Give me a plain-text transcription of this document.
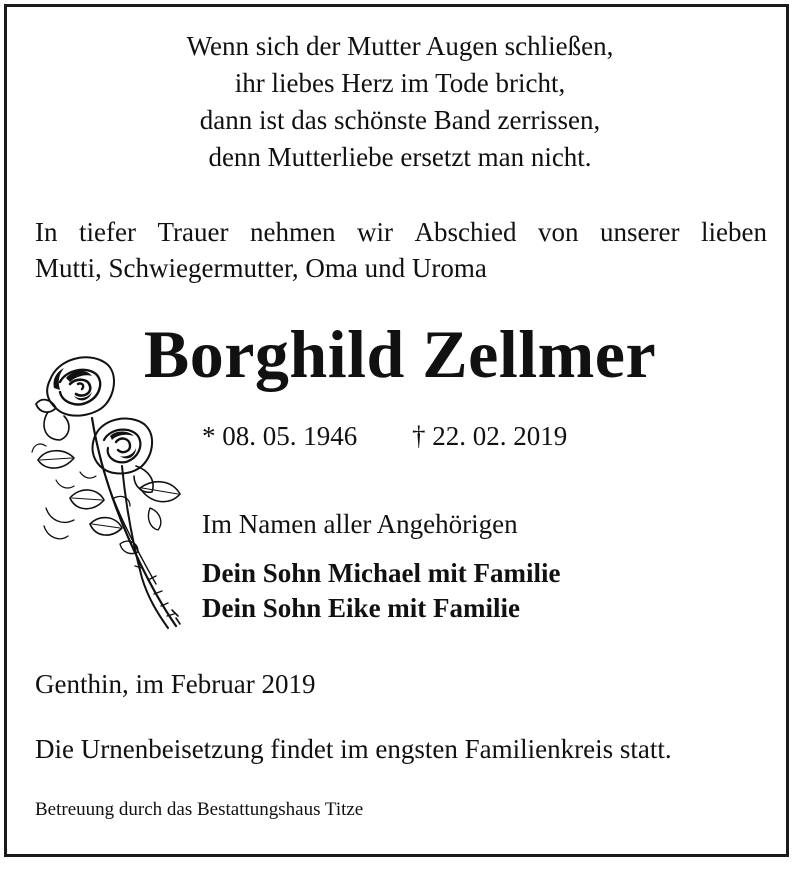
Wenn sich der Mutter Augen schließen,
ihr liebes Herz im Tode bricht,
dann ist das schönste Band zerrissen,
denn Mutterliebe ersetzt man nicht.
In tiefer Trauer nehmen wir Abschied von unserer lieben
Mutti, Schwiegermutter, Oma und Uroma
Borghild Zellmer
* 08. 05. 1946 † 22. 02. 2019
Im Namen aller Angehörigen
Dein Sohn Michael mit Familie
Dein Sohn Eike mit Familie
Genthin, im Februar 2019
Die Urnenbeisetzung findet im engsten Familienkreis statt.
Betreuung durch das Bestattungshaus Titze
